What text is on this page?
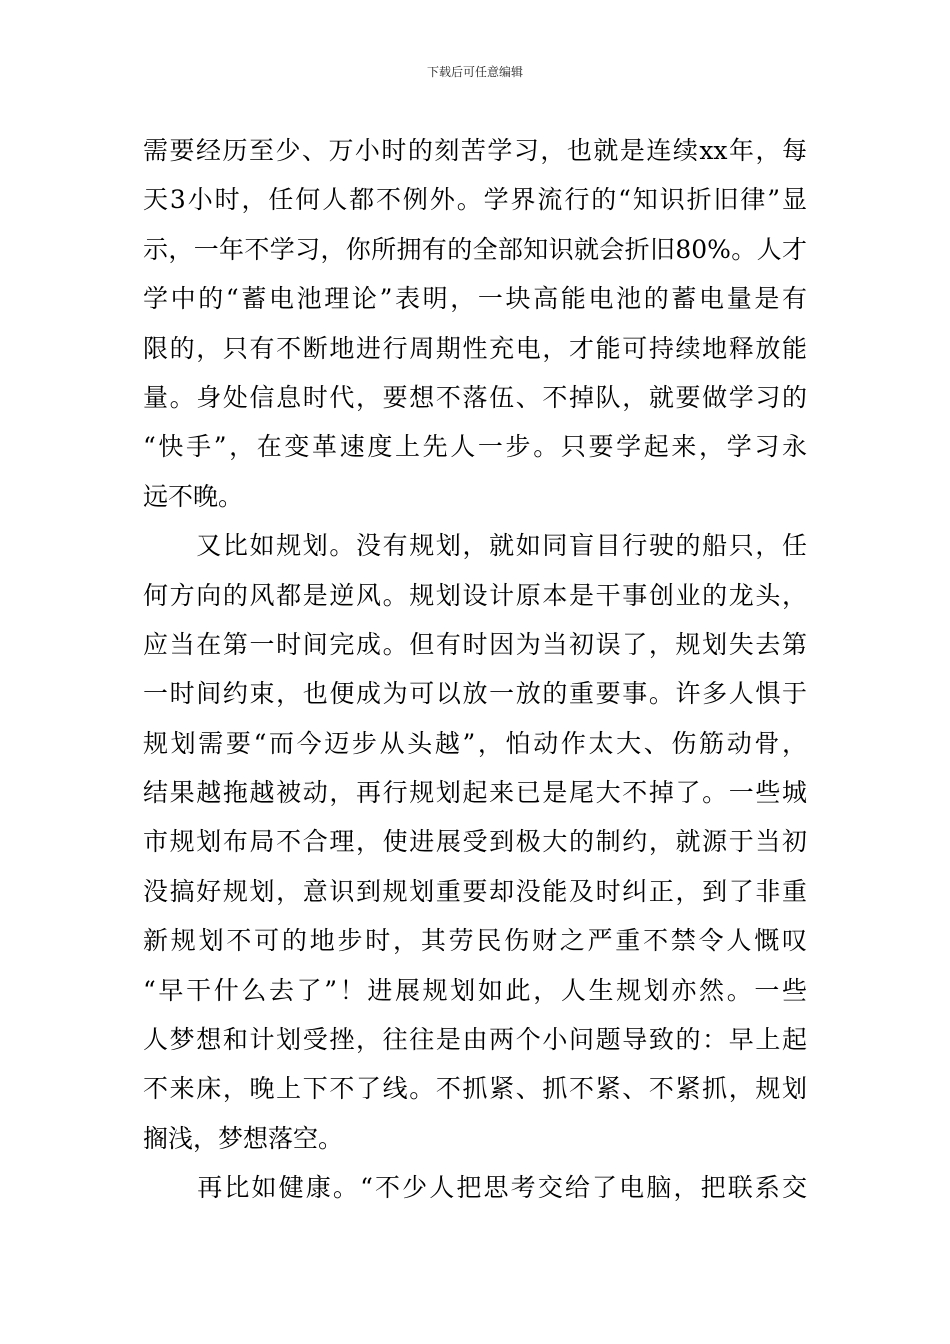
下载后可任意编辑
需要经历至少、万小时的刻苦学习，也就是连续xx年，每
天3小时，任何人都不例外。学界流行的“知识折旧律”显
示，一年不学习，你所拥有的全部知识就会折旧80%。人才
学中的“蓄电池理论”表明，一块高能电池的蓄电量是有
限的，只有不断地进行周期性充电，才能可持续地释放能
量。身处信息时代，要想不落伍、不掉队，就要做学习的
“快手”，在变革速度上先人一步。只要学起来，学习永
远不晚。
　　又比如规划。没有规划，就如同盲目行驶的船只，任
何方向的风都是逆风。规划设计原本是干事创业的龙头，
应当在第一时间完成。但有时因为当初误了，规划失去第
一时间约束，也便成为可以放一放的重要事。许多人惧于
规划需要“而今迈步从头越”，怕动作太大、伤筋动骨，
结果越拖越被动，再行规划起来已是尾大不掉了。一些城
市规划布局不合理，使进展受到极大的制约，就源于当初
没搞好规划，意识到规划重要却没能及时纠正，到了非重
新规划不可的地步时，其劳民伤财之严重不禁令人慨叹
“早干什么去了”！进展规划如此，人生规划亦然。一些
人梦想和计划受挫，往往是由两个小问题导致的：早上起
不来床，晚上下不了线。不抓紧、抓不紧、不紧抓，规划
搁浅，梦想落空。
　　再比如健康。“不少人把思考交给了电脑，把联系交
